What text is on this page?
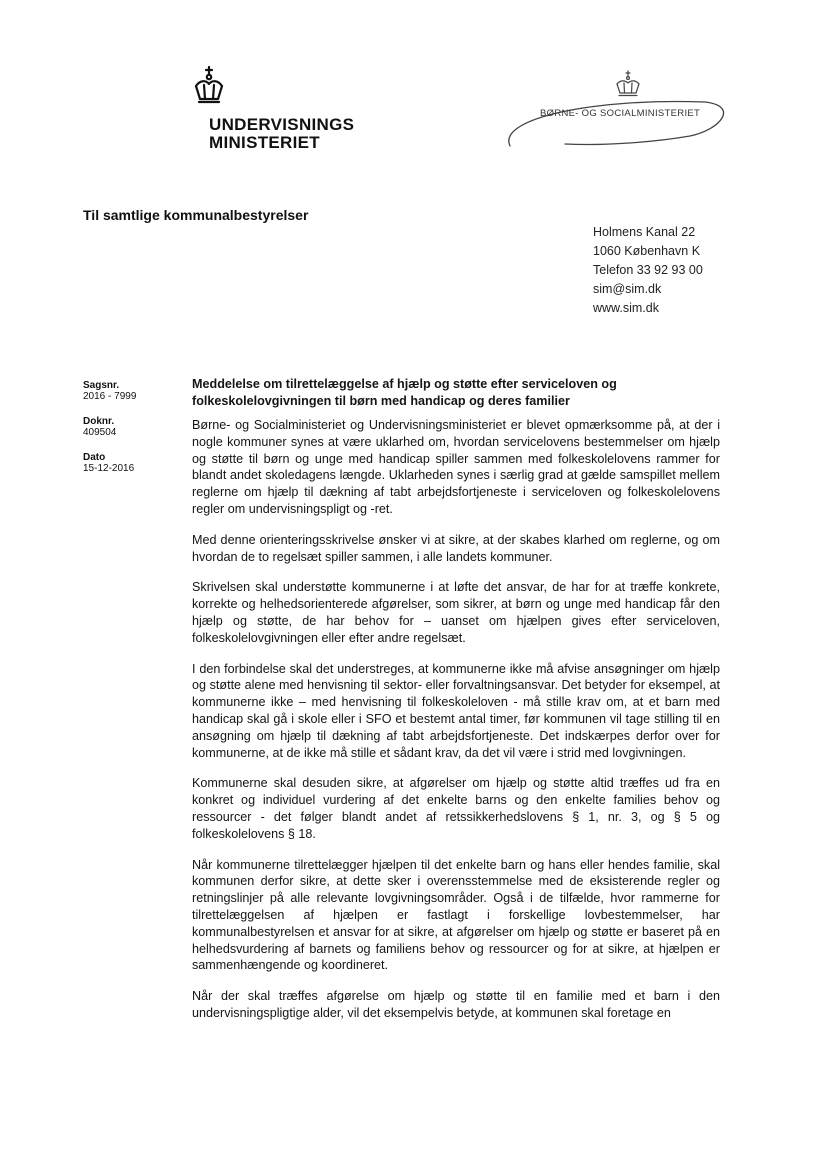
UNDERVISNINGS
MINISTERIET
BØRNE- OG SOCIALMINISTERIET
Til samtlige kommunalbestyrelser
Holmens Kanal 22
1060 København K
Telefon 33 92 93 00
sim@sim.dk
www.sim.dk
Sagsnr.
2016 - 7999
Doknr.
409504
Dato
15-12-2016
Meddelelse om tilrettelæggelse af hjælp og støtte efter serviceloven og folkeskolelovgivningen til børn med handicap og deres familier

Børne- og Socialministeriet og Undervisningsministeriet er blevet opmærksomme på, at der i nogle kommuner synes at være uklarhed om, hvordan servicelovens bestemmelser om hjælp og støtte til børn og unge med handicap spiller sammen med folkeskolelovens rammer for blandt andet skoledagens længde. Uklarheden synes i særlig grad at gælde samspillet mellem reglerne om hjælp til dækning af tabt arbejdsfortjeneste i serviceloven og folkeskolelovens regler om undervisningspligt og -ret.

Med denne orienteringsskrivelse ønsker vi at sikre, at der skabes klarhed om reglerne, og om hvordan de to regelsæt spiller sammen, i alle landets kommuner.

Skrivelsen skal understøtte kommunerne i at løfte det ansvar, de har for at træffe konkrete, korrekte og helhedsorienterede afgørelser, som sikrer, at børn og unge med handicap får den hjælp og støtte, de har behov for – uanset om hjælpen gives efter serviceloven, folkeskolelovgivningen eller efter andre regelsæt.

I den forbindelse skal det understreges, at kommunerne ikke må afvise ansøgninger om hjælp og støtte alene med henvisning til sektor- eller forvaltningsansvar. Det betyder for eksempel, at kommunerne ikke – med henvisning til folkeskoleloven - må stille krav om, at et barn med handicap skal gå i skole eller i SFO et bestemt antal timer, før kommunen vil tage stilling til en ansøgning om hjælp til dækning af tabt arbejdsfortjeneste. Det indskærpes derfor over for kommunerne, at de ikke må stille et sådant krav, da det vil være i strid med lovgivningen.

Kommunerne skal desuden sikre, at afgørelser om hjælp og støtte altid træffes ud fra en konkret og individuel vurdering af det enkelte barns og den enkelte families behov og ressourcer - det følger blandt andet af retssikkerhedslovens § 1, nr. 3, og § 5 og folkeskolelovens § 18.

Når kommunerne tilrettelægger hjælpen til det enkelte barn og hans eller hendes familie, skal kommunen derfor sikre, at dette sker i overensstemmelse med de eksisterende regler og retningslinjer på alle relevante lovgivningsområder. Også i de tilfælde, hvor rammerne for tilrettelæggelsen af hjælpen er fastlagt i forskellige lovbestemmelser, har kommunalbestyrelsen et ansvar for at sikre, at afgørelser om hjælp og støtte er baseret på en helhedsvurdering af barnets og familiens behov og ressourcer og for at sikre, at hjælpen er sammenhængende og koordineret.

Når der skal træffes afgørelse om hjælp og støtte til en familie med et barn i den undervisningspligtige alder, vil det eksempelvis betyde, at kommunen skal foretage en
